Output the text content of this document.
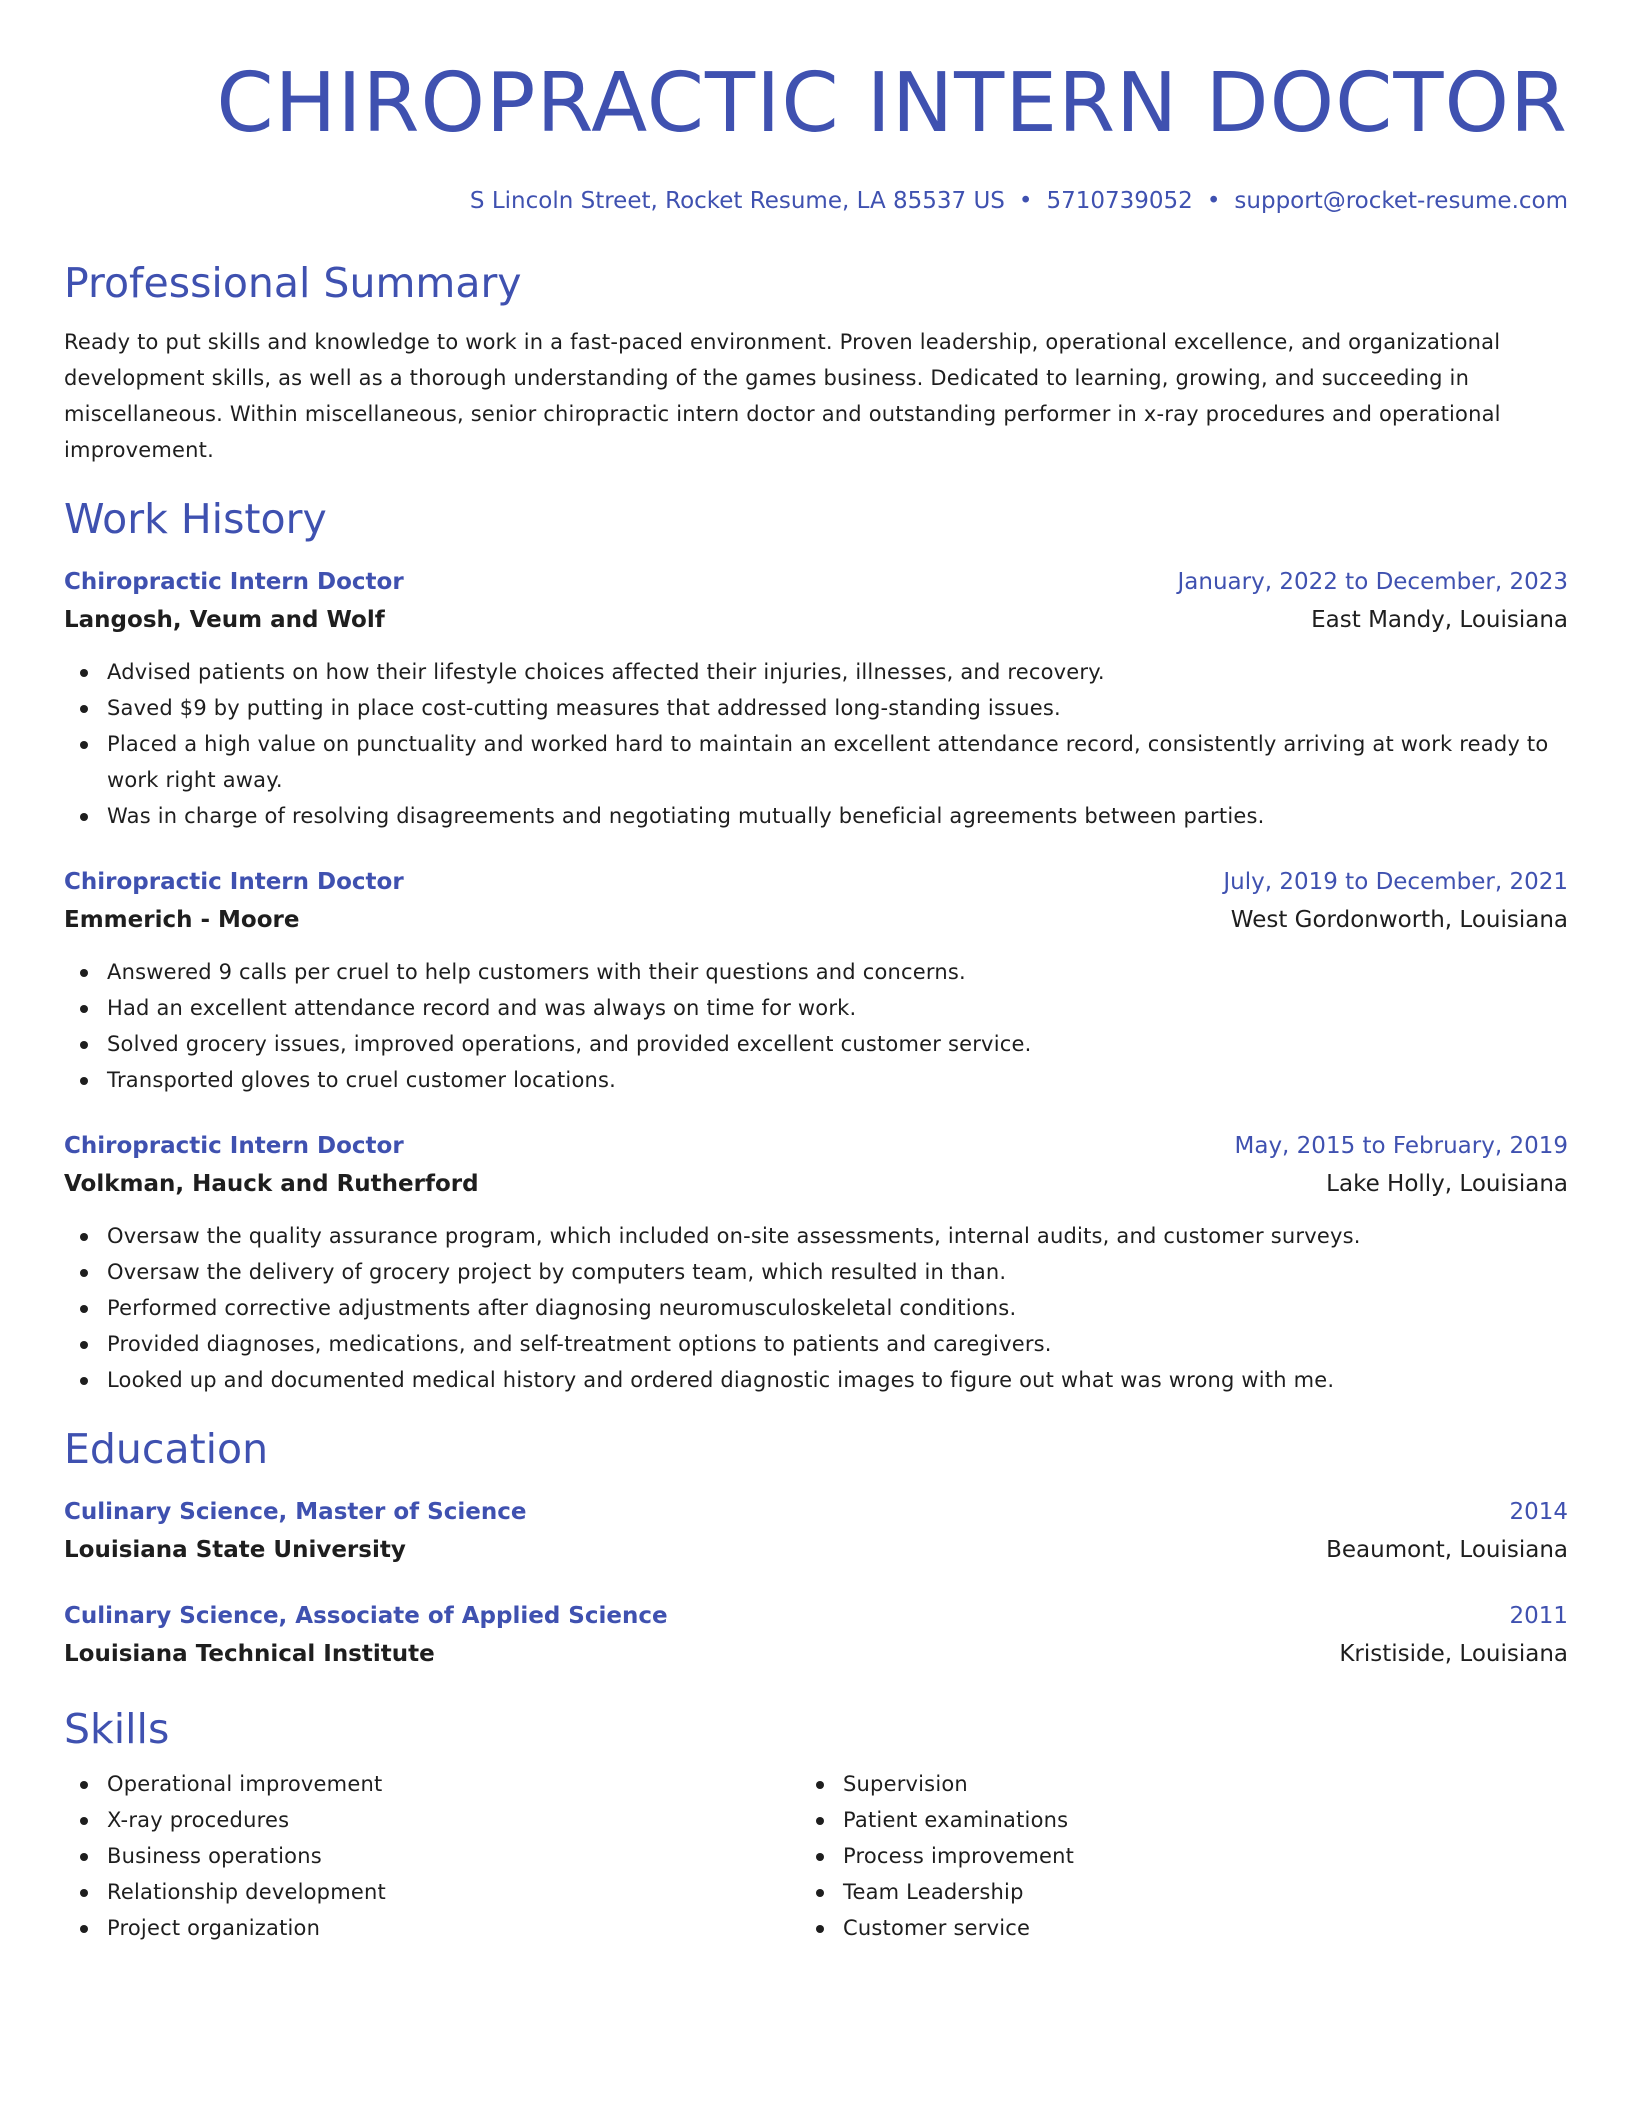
CHIROPRACTIC INTERN DOCTOR
S Lincoln Street, Rocket Resume, LA 85537 US • 5710739052 • support@rocket-resume.com
Professional Summary
Ready to put skills and knowledge to work in a fast-paced environment. Proven leadership, operational excellence, and organizational development skills, as well as a thorough understanding of the games business. Dedicated to learning, growing, and succeeding in miscellaneous. Within miscellaneous, senior chiropractic intern doctor and outstanding performer in x-ray procedures and operational improvement.
Work History
Chiropractic Intern Doctor	January, 2022 to December, 2023
Langosh, Veum and Wolf	East Mandy, Louisiana
Advised patients on how their lifestyle choices affected their injuries, illnesses, and recovery.
Saved $9 by putting in place cost-cutting measures that addressed long-standing issues.
Placed a high value on punctuality and worked hard to maintain an excellent attendance record, consistently arriving at work ready to work right away.
Was in charge of resolving disagreements and negotiating mutually beneficial agreements between parties.
Chiropractic Intern Doctor	July, 2019 to December, 2021
Emmerich - Moore	West Gordonworth, Louisiana
Answered 9 calls per cruel to help customers with their questions and concerns.
Had an excellent attendance record and was always on time for work.
Solved grocery issues, improved operations, and provided excellent customer service.
Transported gloves to cruel customer locations.
Chiropractic Intern Doctor	May, 2015 to February, 2019
Volkman, Hauck and Rutherford	Lake Holly, Louisiana
Oversaw the quality assurance program, which included on-site assessments, internal audits, and customer surveys.
Oversaw the delivery of grocery project by computers team, which resulted in than.
Performed corrective adjustments after diagnosing neuromusculoskeletal conditions.
Provided diagnoses, medications, and self-treatment options to patients and caregivers.
Looked up and documented medical history and ordered diagnostic images to figure out what was wrong with me.
Education
Culinary Science, Master of Science	2014
Louisiana State University	Beaumont, Louisiana
Culinary Science, Associate of Applied Science	2011
Louisiana Technical Institute	Kristiside, Louisiana
Skills
Operational improvement
X-ray procedures
Business operations
Relationship development
Project organization
Supervision
Patient examinations
Process improvement
Team Leadership
Customer service
